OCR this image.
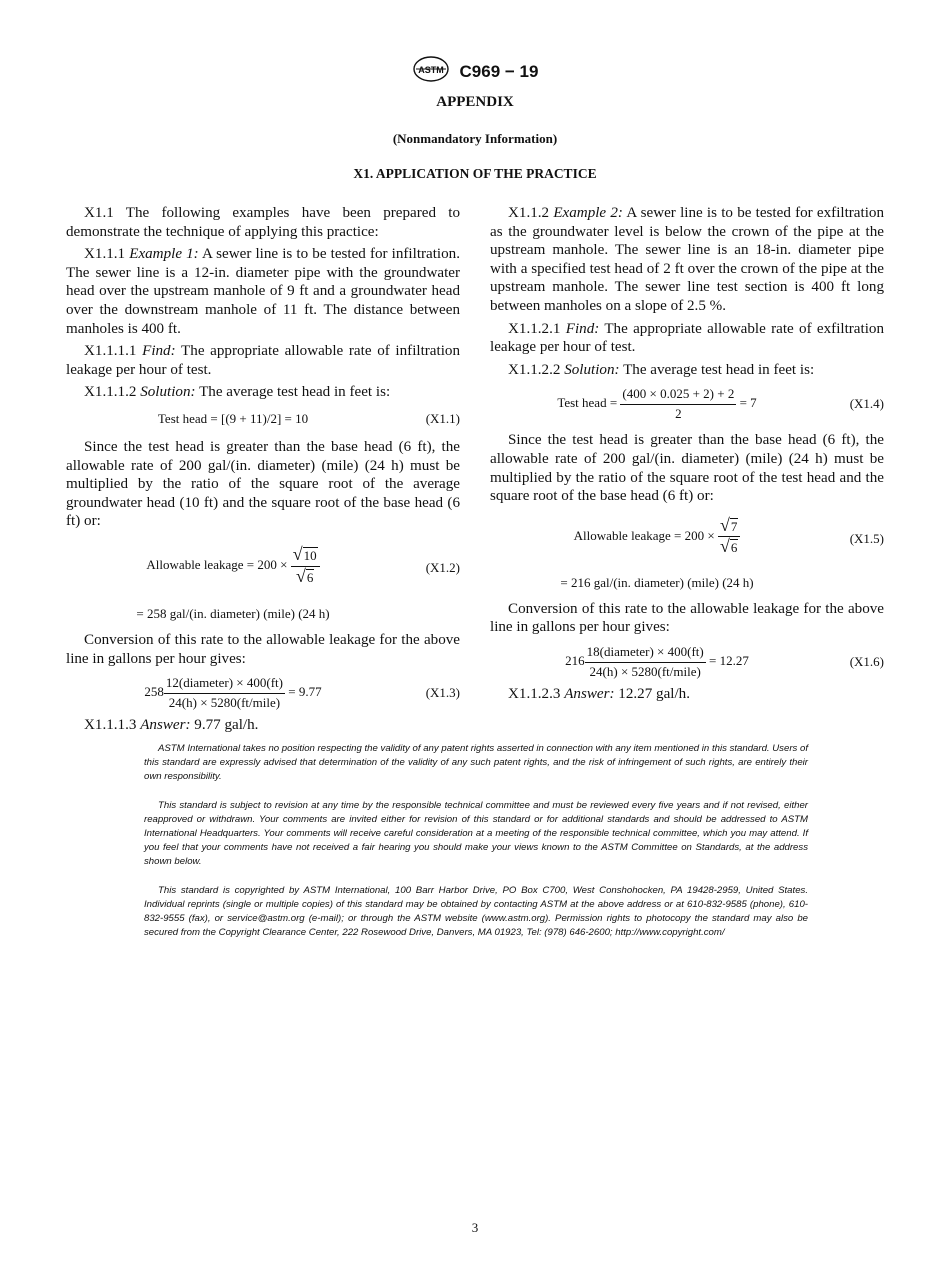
ASTM C969 − 19
APPENDIX
(Nonmandatory Information)
X1. APPLICATION OF THE PRACTICE

X1.1 The following examples have been prepared to demonstrate the technique of applying this practice:

X1.1.1 Example 1: A sewer line is to be tested for infiltration. The sewer line is a 12-in. diameter pipe with the groundwater head over the upstream manhole of 9 ft and a groundwater head over the downstream manhole of 11 ft. The distance between manholes is 400 ft.

X1.1.1.1 Find: The appropriate allowable rate of infiltration leakage per hour of test.

X1.1.1.2 Solution: The average test head in feet is:

Test head = [(9 + 11)/2] = 10	(X1.1)

Since the test head is greater than the base head (6 ft), the allowable rate of 200 gal/(in. diameter) (mile) (24 h) must be multiplied by the ratio of the square root of the average groundwater head (10 ft) and the square root of the base head (6 ft) or:

Allowable leakage = $200 \times \frac{√10}{√6}$	(X1.2)
= 258 gal/(in. diameter) (mile) (24 h)

Conversion of this rate to the allowable leakage for the above line in gallons per hour gives:

$258 \frac{\text{12(diameter) × 400(ft)}}{\text{24(h) × 5280(ft/mile)}} = 9.77$	(X1.3)

X1.1.1.3 Answer: 9.77 gal/h.

X1.1.2 Example 2: A sewer line is to be tested for exfiltration as the groundwater level is below the crown of the pipe at the upstream manhole. The sewer line is an 18-in. diameter pipe with a specified test head of 2 ft over the crown of the pipe at the upstream manhole. The sewer line test section is 400 ft long between manholes on a slope of 2.5 %.

X1.1.2.1 Find: The appropriate allowable rate of exfiltration leakage per hour of test.

X1.1.2.2 Solution: The average test head in feet is:

Test head = $\frac{(400 \times 0.025 + 2) + 2}{2} = 7$	(X1.4)

Since the test head is greater than the base head (6 ft), the allowable rate of 200 gal/(in. diameter) (mile) (24 h) must be multiplied by the ratio of the square root of the test head and the square root of the base head (6 ft) or:

Allowable leakage = $200 \times \frac{√7}{√6}$	(X1.5)
= 216 gal/(in. diameter) (mile) (24 h)

Conversion of this rate to the allowable leakage for the above line in gallons per hour gives:

$216 \frac{\text{18(diameter) × 400(ft)}}{\text{24(h) × 5280(ft/mile)}} = 12.27$	(X1.6)

X1.1.2.3 Answer: 12.27 gal/h.

ASTM International takes no position respecting the validity of any patent rights asserted in connection with any item mentioned in this standard. Users of this standard are expressly advised that determination of the validity of any such patent rights, and the risk of infringement of such rights, are entirely their own responsibility.

This standard is subject to revision at any time by the responsible technical committee and must be reviewed every five years and if not revised, either reapproved or withdrawn. Your comments are invited either for revision of this standard or for additional standards and should be addressed to ASTM International Headquarters. Your comments will receive careful consideration at a meeting of the responsible technical committee, which you may attend. If you feel that your comments have not received a fair hearing you should make your views known to the ASTM Committee on Standards, at the address shown below.

This standard is copyrighted by ASTM International, 100 Barr Harbor Drive, PO Box C700, West Conshohocken, PA 19428-2959, United States. Individual reprints (single or multiple copies) of this standard may be obtained by contacting ASTM at the above address or at 610-832-9585 (phone), 610-832-9555 (fax), or service@astm.org (e-mail); or through the ASTM website (www.astm.org). Permission rights to photocopy the standard may also be secured from the Copyright Clearance Center, 222 Rosewood Drive, Danvers, MA 01923, Tel: (978) 646-2600; http://www.copyright.com/

3
